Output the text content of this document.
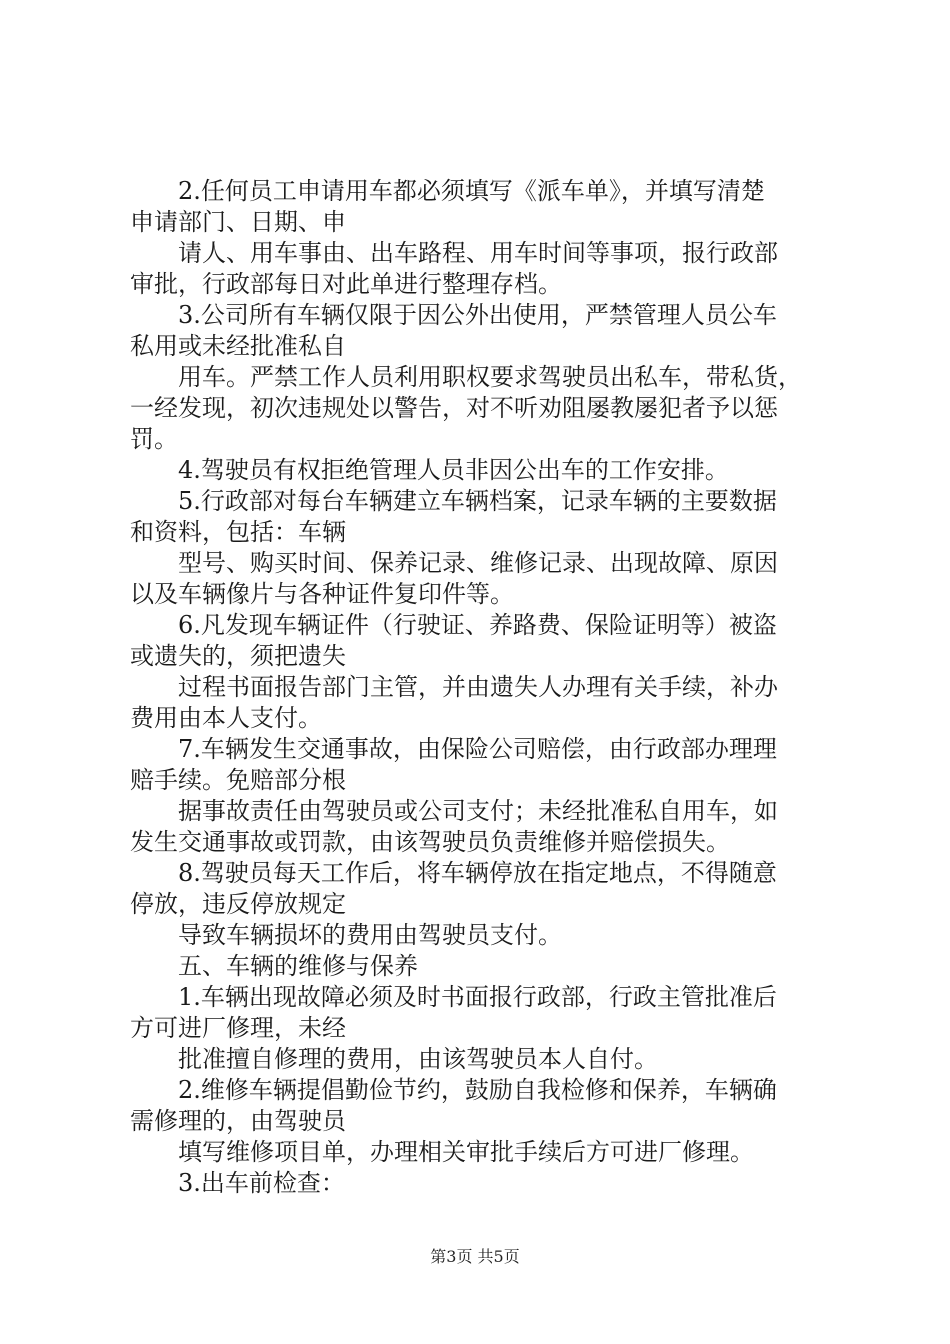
2.任何员工申请用车都必须填写《派车单》，并填写清楚
申请部门、日期、申
请人、用车事由、出车路程、用车时间等事项，报行政部
审批，行政部每日对此单进行整理存档。
3.公司所有车辆仅限于因公外出使用，严禁管理人员公车
私用或未经批准私自
用车。严禁工作人员利用职权要求驾驶员出私车，带私货，
一经发现，初次违规处以警告，对不听劝阻屡教屡犯者予以惩
罚。
4.驾驶员有权拒绝管理人员非因公出车的工作安排。
5.行政部对每台车辆建立车辆档案，记录车辆的主要数据
和资料，包括：车辆
型号、购买时间、保养记录、维修记录、出现故障、原因
以及车辆像片与各种证件复印件等。
6.凡发现车辆证件（行驶证、养路费、保险证明等）被盗
或遗失的，须把遗失
过程书面报告部门主管，并由遗失人办理有关手续，补办
费用由本人支付。
7.车辆发生交通事故，由保险公司赔偿，由行政部办理理
赔手续。免赔部分根
据事故责任由驾驶员或公司支付；未经批准私自用车，如
发生交通事故或罚款，由该驾驶员负责维修并赔偿损失。
8.驾驶员每天工作后，将车辆停放在指定地点，不得随意
停放，违反停放规定
导致车辆损坏的费用由驾驶员支付。
五、车辆的维修与保养
1.车辆出现故障必须及时书面报行政部，行政主管批准后
方可进厂修理，未经
批准擅自修理的费用，由该驾驶员本人自付。
2.维修车辆提倡勤俭节约，鼓励自我检修和保养，车辆确
需修理的，由驾驶员
填写维修项目单，办理相关审批手续后方可进厂修理。
3.出车前检查：
第3页 共5页
